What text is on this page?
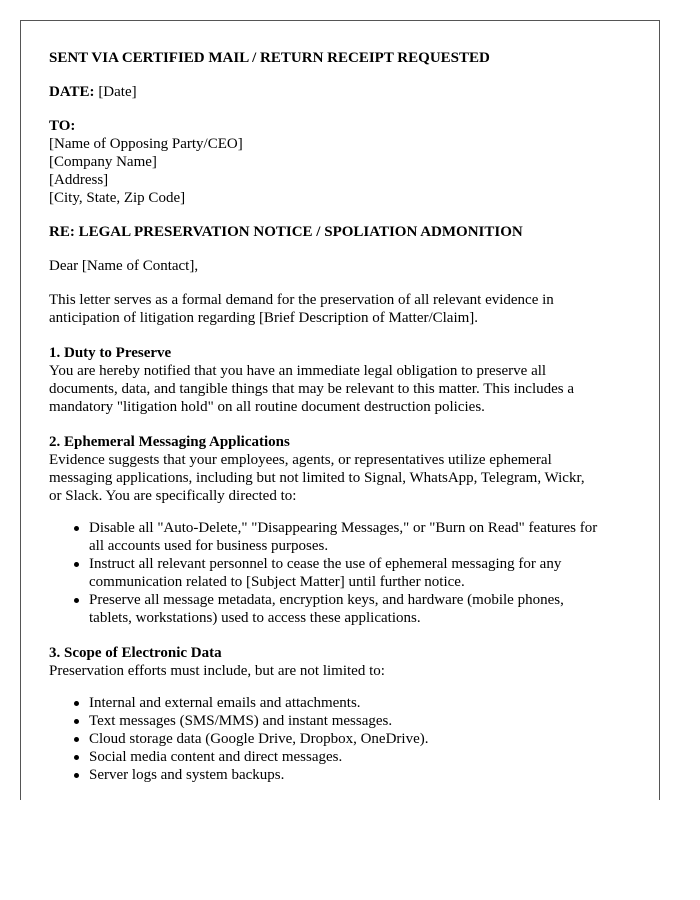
SENT VIA CERTIFIED MAIL / RETURN RECEIPT REQUESTED
DATE: [Date]
TO:
[Name of Opposing Party/CEO]
[Company Name]
[Address]
[City, State, Zip Code]
RE: LEGAL PRESERVATION NOTICE / SPOLIATION ADMONITION
Dear [Name of Contact],
This letter serves as a formal demand for the preservation of all relevant evidence in
anticipation of litigation regarding [Brief Description of Matter/Claim].
1. Duty to Preserve
You are hereby notified that you have an immediate legal obligation to preserve all
documents, data, and tangible things that may be relevant to this matter. This includes a
mandatory "litigation hold" on all routine document destruction policies.
2. Ephemeral Messaging Applications
Evidence suggests that your employees, agents, or representatives utilize ephemeral
messaging applications, including but not limited to Signal, WhatsApp, Telegram, Wickr,
or Slack. You are specifically directed to:
Disable all "Auto-Delete," "Disappearing Messages," or "Burn on Read" features for
all accounts used for business purposes.
Instruct all relevant personnel to cease the use of ephemeral messaging for any
communication related to [Subject Matter] until further notice.
Preserve all message metadata, encryption keys, and hardware (mobile phones,
tablets, workstations) used to access these applications.
3. Scope of Electronic Data
Preservation efforts must include, but are not limited to:
Internal and external emails and attachments.
Text messages (SMS/MMS) and instant messages.
Cloud storage data (Google Drive, Dropbox, OneDrive).
Social media content and direct messages.
Server logs and system backups.
